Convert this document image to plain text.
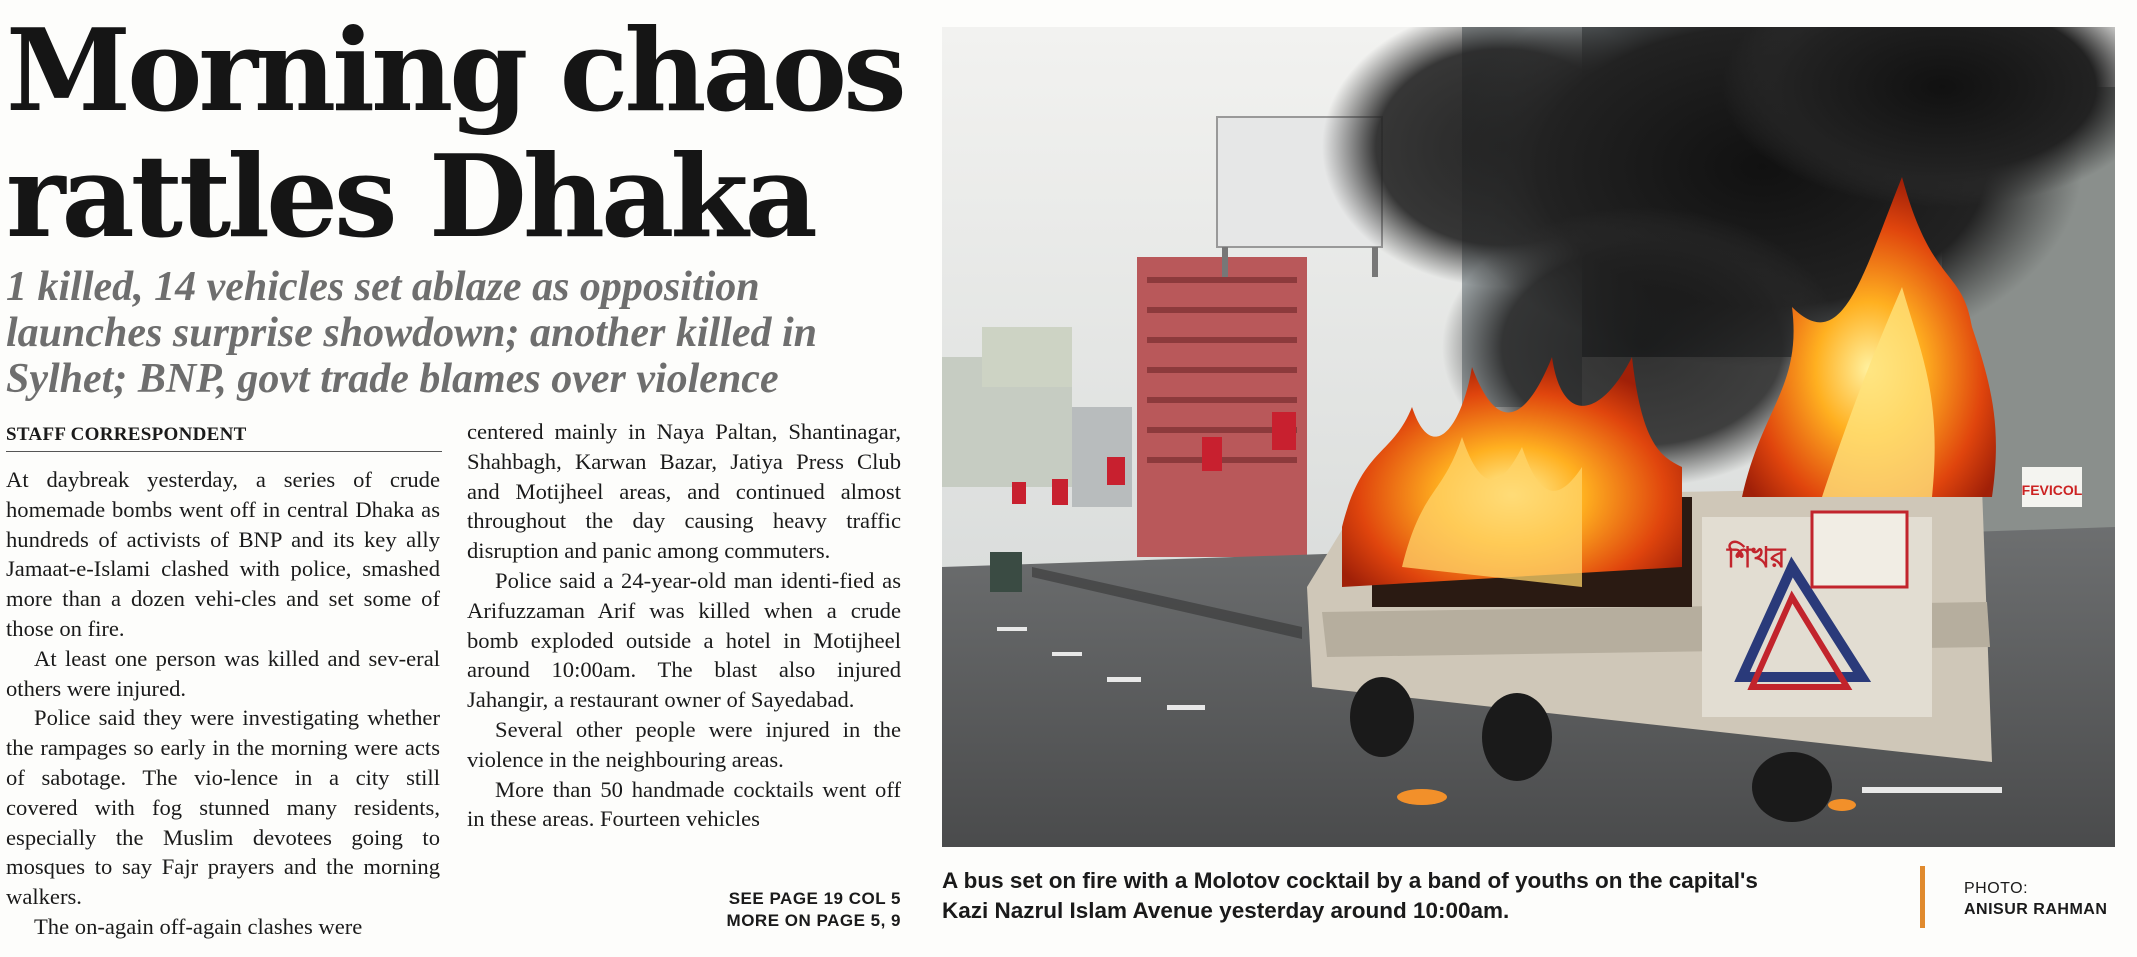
Morning chaos
rattles Dhaka
1 killed, 14 vehicles set ablaze as opposition launches surprise showdown; another killed in Sylhet; BNP, govt trade blames over violence
STAFF CORRESPONDENT

At daybreak yesterday, a series of crude homemade bombs went off in central Dhaka as hundreds of activists of BNP and its key ally Jamaat-e-Islami clashed with police, smashed more than a dozen vehi-cles and set some of those on fire.

At least one person was killed and sev-eral others were injured.

Police said they were investigating whether the rampages so early in the morning were acts of sabotage. The vio-lence in a city still covered with fog stunned many residents, especially the Muslim devotees going to mosques to say Fajr prayers and the morning walkers.

The on-again off-again clashes were

centered mainly in Naya Paltan, Shantinagar, Shahbagh, Karwan Bazar, Jatiya Press Club and Motijheel areas, and continued almost throughout the day causing heavy traffic disruption and panic among commuters.

Police said a 24-year-old man identi-fied as Arifuzzaman Arif was killed when a crude bomb exploded outside a hotel in Motijheel around 10:00am. The blast also injured Jahangir, a restaurant owner of Sayedabad.

Several other people were injured in the violence in the neighbouring areas.

More than 50 handmade cocktails went off in these areas. Fourteen vehicles

SEE PAGE 19 COL 5
MORE ON PAGE 5, 9
FEVICOL
শিখর
A bus set on fire with a Molotov cocktail by a band of youths on the capital's Kazi Nazrul Islam Avenue yesterday around 10:00am.
PHOTO:
ANISUR RAHMAN
